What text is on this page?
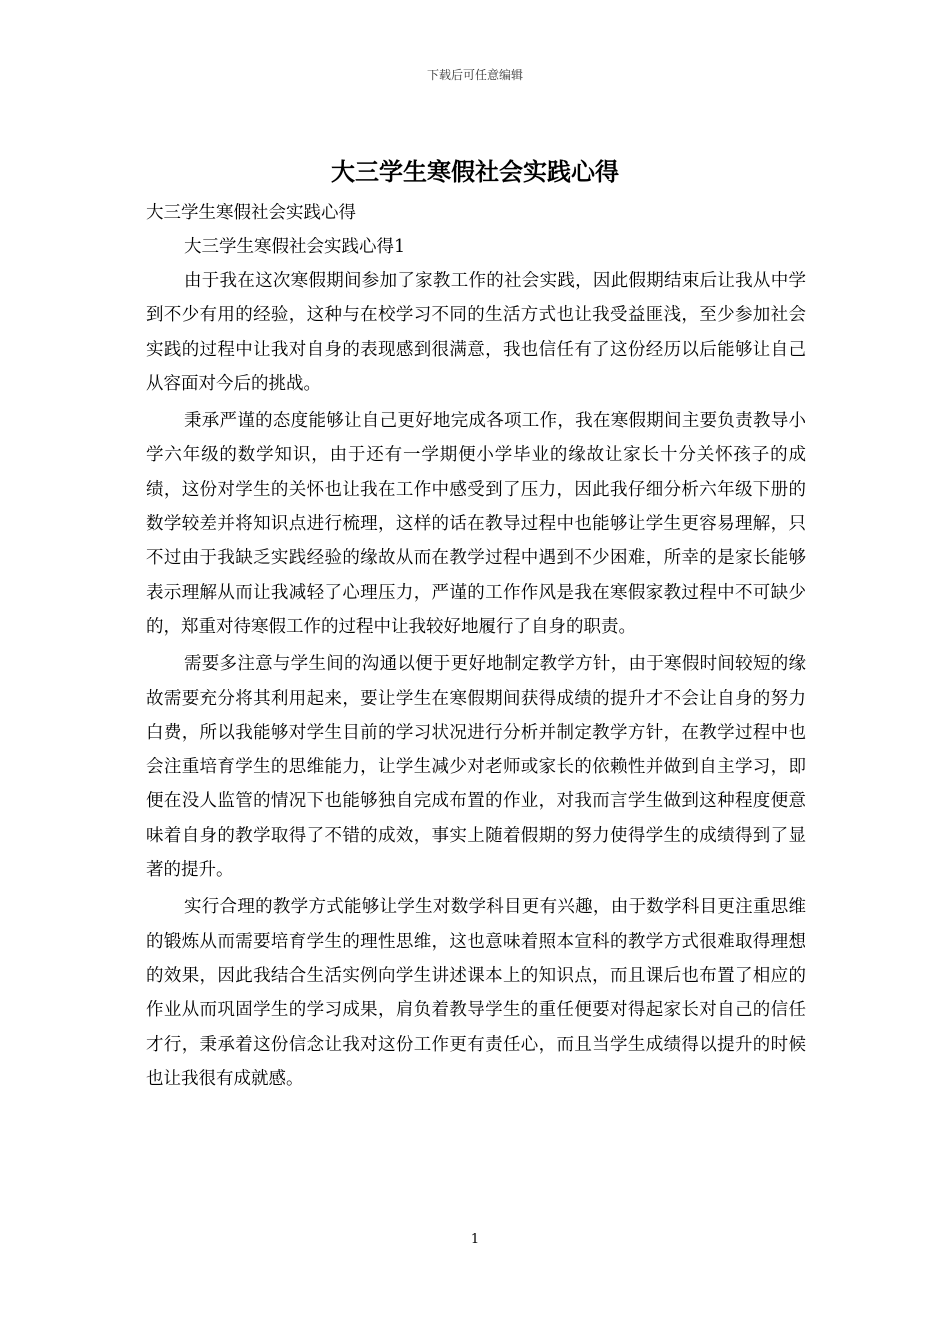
下载后可任意编辑
大三学生寒假社会实践心得

大三学生寒假社会实践心得

大三学生寒假社会实践心得1

由于我在这次寒假期间参加了家教工作的社会实践，因此假期结束后让我从中学到不少有用的经验，这种与在校学习不同的生活方式也让我受益匪浅，至少参加社会实践的过程中让我对自身的表现感到很满意，我也信任有了这份经历以后能够让自己从容面对今后的挑战。

秉承严谨的态度能够让自己更好地完成各项工作，我在寒假期间主要负责教导小学六年级的数学知识，由于还有一学期便小学毕业的缘故让家长十分关怀孩子的成绩，这份对学生的关怀也让我在工作中感受到了压力，因此我仔细分析六年级下册的数学较差并将知识点进行梳理，这样的话在教导过程中也能够让学生更容易理解，只不过由于我缺乏实践经验的缘故从而在教学过程中遇到不少困难，所幸的是家长能够表示理解从而让我减轻了心理压力，严谨的工作作风是我在寒假家教过程中不可缺少的，郑重对待寒假工作的过程中让我较好地履行了自身的职责。

需要多注意与学生间的沟通以便于更好地制定教学方针，由于寒假时间较短的缘故需要充分将其利用起来，要让学生在寒假期间获得成绩的提升才不会让自身的努力白费，所以我能够对学生目前的学习状况进行分析并制定教学方针，在教学过程中也会注重培育学生的思维能力，让学生减少对老师或家长的依赖性并做到自主学习，即便在没人监管的情况下也能够独自完成布置的作业，对我而言学生做到这种程度便意味着自身的教学取得了不错的成效，事实上随着假期的努力使得学生的成绩得到了显著的提升。

实行合理的教学方式能够让学生对数学科目更有兴趣，由于数学科目更注重思维的锻炼从而需要培育学生的理性思维，这也意味着照本宣科的教学方式很难取得理想的效果，因此我结合生活实例向学生讲述课本上的知识点，而且课后也布置了相应的作业从而巩固学生的学习成果，肩负着教导学生的重任便要对得起家长对自己的信任才行，秉承着这份信念让我对这份工作更有责任心，而且当学生成绩得以提升的时候也让我很有成就感。

1
